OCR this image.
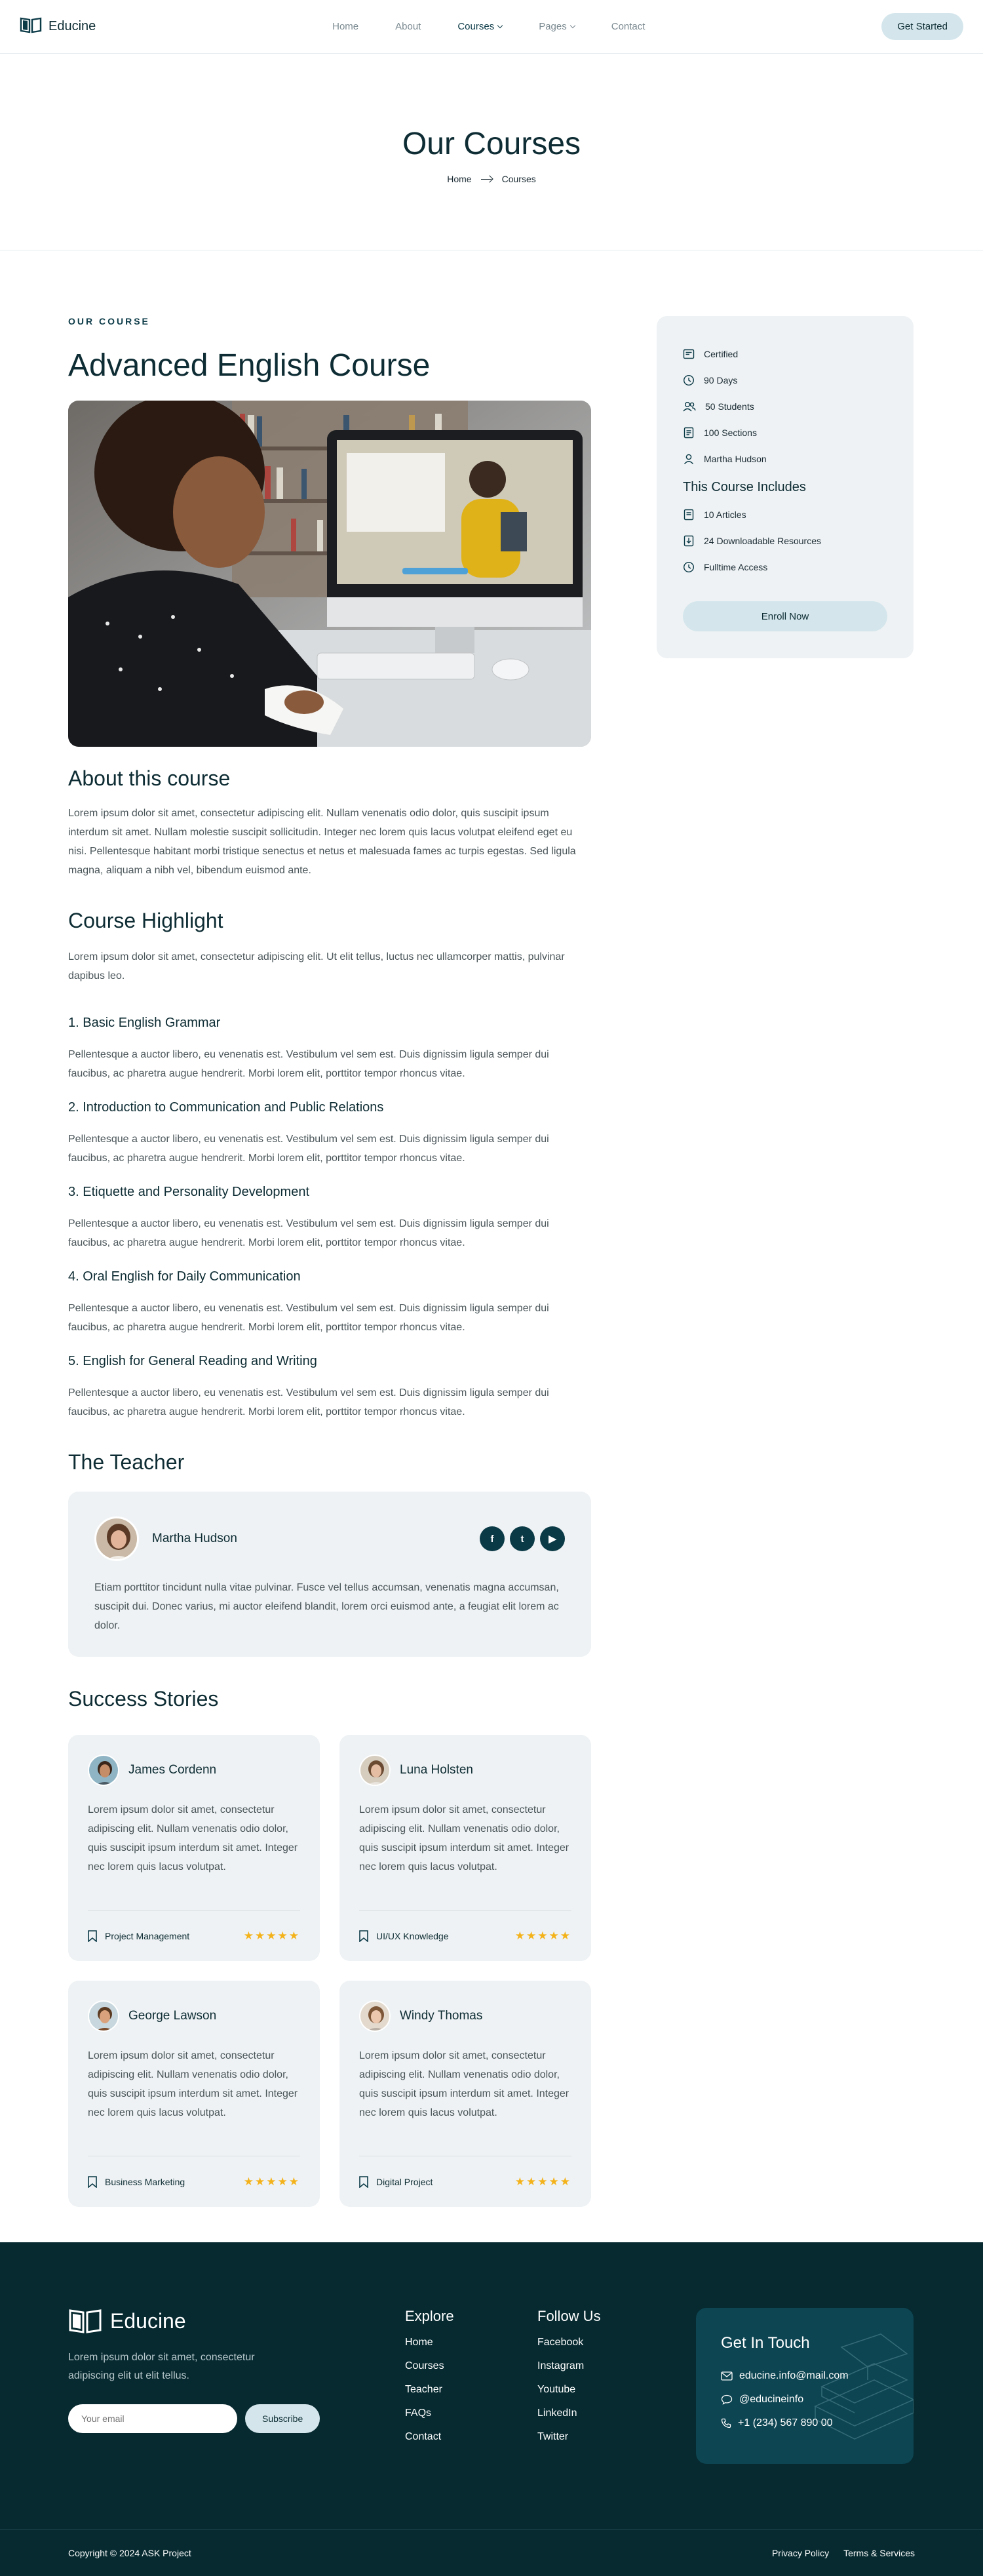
Educine	Home	About	Courses	Pages	Contact	Get Started
Our Courses
Home	Courses
OUR COURSE
Advanced English Course
About this course

Lorem ipsum dolor sit amet, consectetur adipiscing elit. Nullam venenatis odio dolor, quis suscipit ipsum interdum sit amet. Nullam molestie suscipit sollicitudin. Integer nec lorem quis lacus volutpat eleifend eget eu nisi. Pellentesque habitant morbi tristique senectus et netus et malesuada fames ac turpis egestas. Sed ligula magna, aliquam a nibh vel, bibendum euismod ante.

Course Highlight

Lorem ipsum dolor sit amet, consectetur adipiscing elit. Ut elit tellus, luctus nec ullamcorper mattis, pulvinar dapibus leo.

1. Basic English Grammar

Pellentesque a auctor libero, eu venenatis est. Vestibulum vel sem est. Duis dignissim ligula semper dui faucibus, ac pharetra augue hendrerit. Morbi lorem elit, porttitor tempor rhoncus vitae.

2. Introduction to Communication and Public Relations

Pellentesque a auctor libero, eu venenatis est. Vestibulum vel sem est. Duis dignissim ligula semper dui faucibus, ac pharetra augue hendrerit. Morbi lorem elit, porttitor tempor rhoncus vitae.

3. Etiquette and Personality Development

Pellentesque a auctor libero, eu venenatis est. Vestibulum vel sem est. Duis dignissim ligula semper dui faucibus, ac pharetra augue hendrerit. Morbi lorem elit, porttitor tempor rhoncus vitae.

4. Oral English for Daily Communication

Pellentesque a auctor libero, eu venenatis est. Vestibulum vel sem est. Duis dignissim ligula semper dui faucibus, ac pharetra augue hendrerit. Morbi lorem elit, porttitor tempor rhoncus vitae.

5. English for General Reading and Writing

Pellentesque a auctor libero, eu venenatis est. Vestibulum vel sem est. Duis dignissim ligula semper dui faucibus, ac pharetra augue hendrerit. Morbi lorem elit, porttitor tempor rhoncus vitae.

The Teacher
Martha Hudson	f	t	▶

Etiam porttitor tincidunt nulla vitae pulvinar. Fusce vel tellus accumsan, venenatis magna accumsan, suscipit dui. Donec varius, mi auctor eleifend blandit, lorem orci euismod ante, a feugiat elit lorem ac dolor.

Success Stories
James Cordenn

Lorem ipsum dolor sit amet, consectetur adipiscing elit. Nullam venenatis odio dolor, quis suscipit ipsum interdum sit amet. Integer nec lorem quis lacus volutpat.

Project Management	★★★★★
Luna Holsten

Lorem ipsum dolor sit amet, consectetur adipiscing elit. Nullam venenatis odio dolor, quis suscipit ipsum interdum sit amet. Integer nec lorem quis lacus volutpat.

UI/UX Knowledge	★★★★★
George Lawson

Lorem ipsum dolor sit amet, consectetur adipiscing elit. Nullam venenatis odio dolor, quis suscipit ipsum interdum sit amet. Integer nec lorem quis lacus volutpat.

Business Marketing	★★★★★
Windy Thomas

Lorem ipsum dolor sit amet, consectetur adipiscing elit. Nullam venenatis odio dolor, quis suscipit ipsum interdum sit amet. Integer nec lorem quis lacus volutpat.

Digital Project	★★★★★
Certified
90 Days
50 Students
100 Sections
Martha Hudson
This Course Includes
10 Articles
24 Downloadable Resources
Fulltime Access
Enroll Now
Educine

Lorem ipsum dolor sit amet, consectetur adipiscing elit ut elit tellus.

Your email
Subscribe
Explore
Home
Courses
Teacher
FAQs
Contact
Follow Us
Facebook
Instagram
Youtube
LinkedIn
Twitter
Get In Touch
educine.info@mail.com
@educineinfo
+1 (234) 567 890 00
Copyright © 2024 ASK Project	Privacy Policy Terms & Services
